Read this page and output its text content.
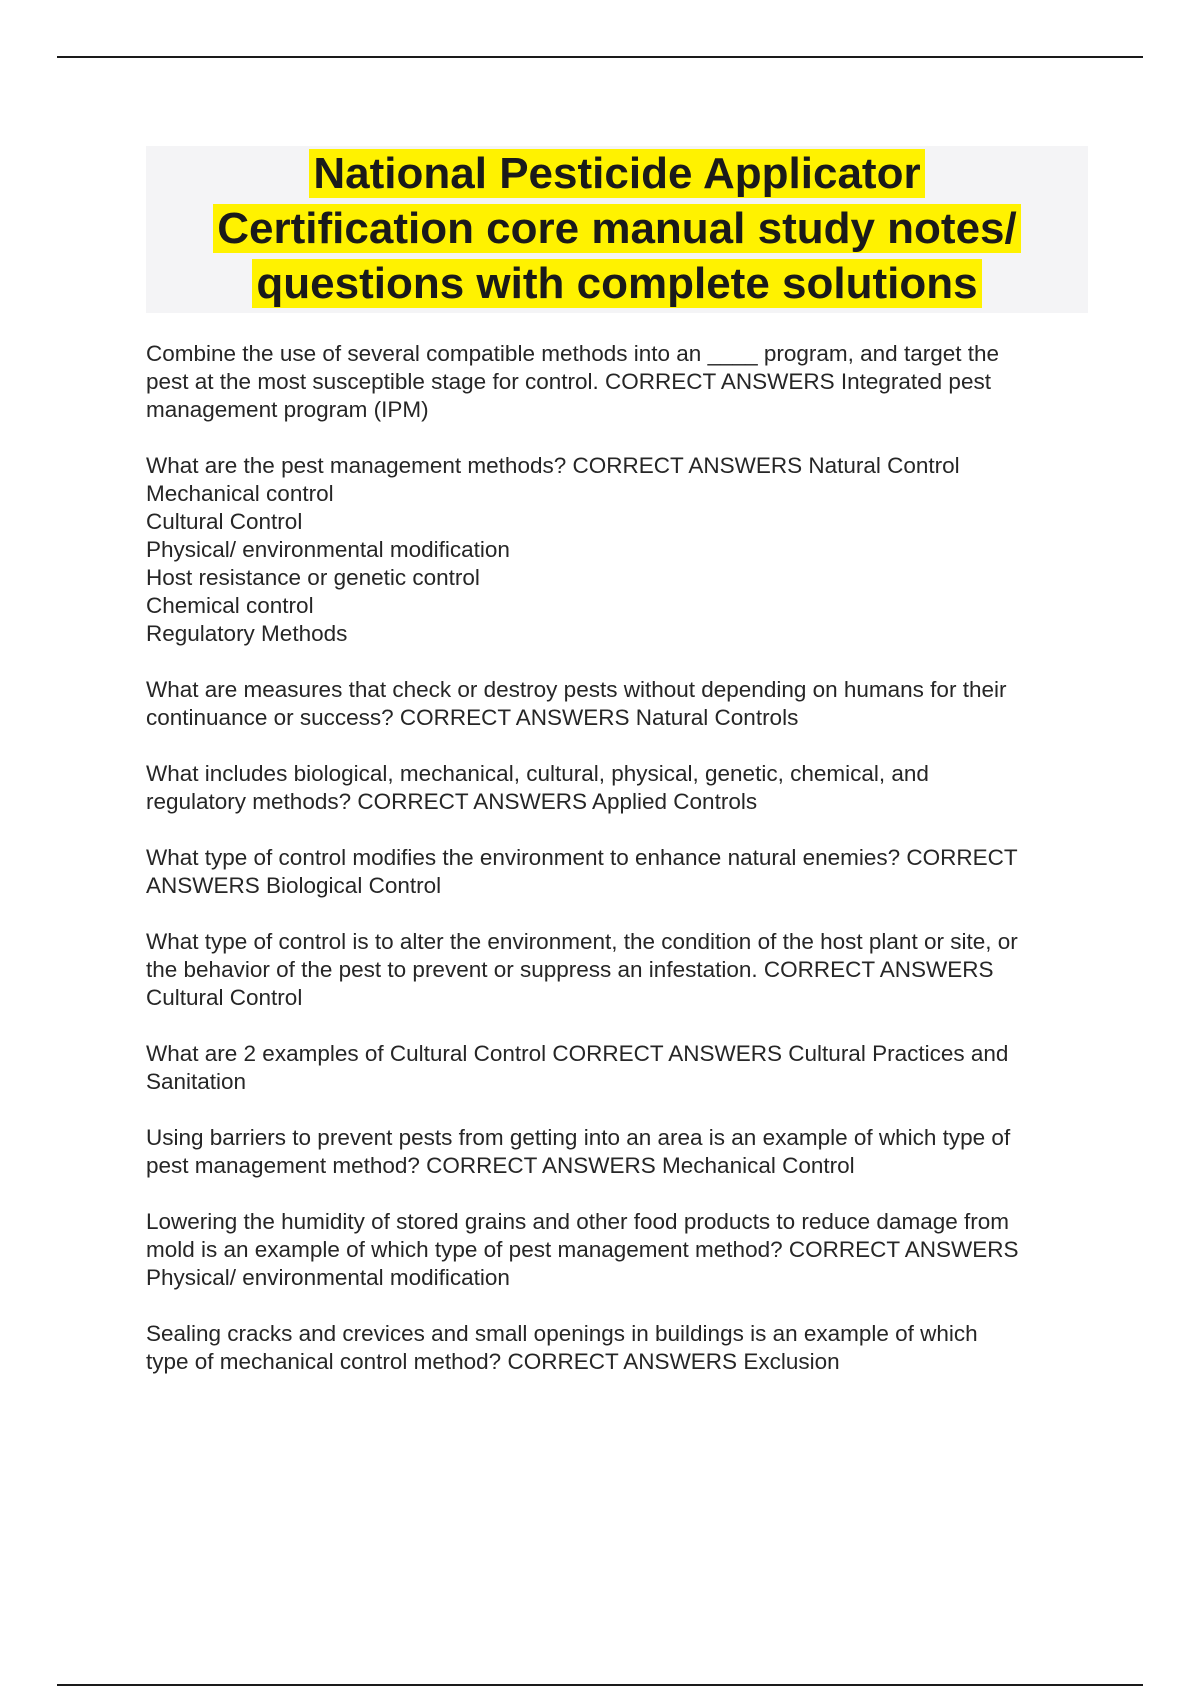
National Pesticide Applicator
Certification core manual study notes/
questions with complete solutions

Combine the use of several compatible methods into an ____ program, and target the
pest at the most susceptible stage for control. CORRECT ANSWERS Integrated pest
management program (IPM)

What are the pest management methods? CORRECT ANSWERS Natural Control
Mechanical control
Cultural Control
Physical/ environmental modification
Host resistance or genetic control
Chemical control
Regulatory Methods

What are measures that check or destroy pests without depending on humans for their
continuance or success? CORRECT ANSWERS Natural Controls

What includes biological, mechanical, cultural, physical, genetic, chemical, and
regulatory methods? CORRECT ANSWERS Applied Controls

What type of control modifies the environment to enhance natural enemies? CORRECT
ANSWERS Biological Control

What type of control is to alter the environment, the condition of the host plant or site, or
the behavior of the pest to prevent or suppress an infestation. CORRECT ANSWERS
Cultural Control

What are 2 examples of Cultural Control CORRECT ANSWERS Cultural Practices and
Sanitation

Using barriers to prevent pests from getting into an area is an example of which type of
pest management method? CORRECT ANSWERS Mechanical Control

Lowering the humidity of stored grains and other food products to reduce damage from
mold is an example of which type of pest management method? CORRECT ANSWERS
Physical/ environmental modification

Sealing cracks and crevices and small openings in buildings is an example of which
type of mechanical control method? CORRECT ANSWERS Exclusion
